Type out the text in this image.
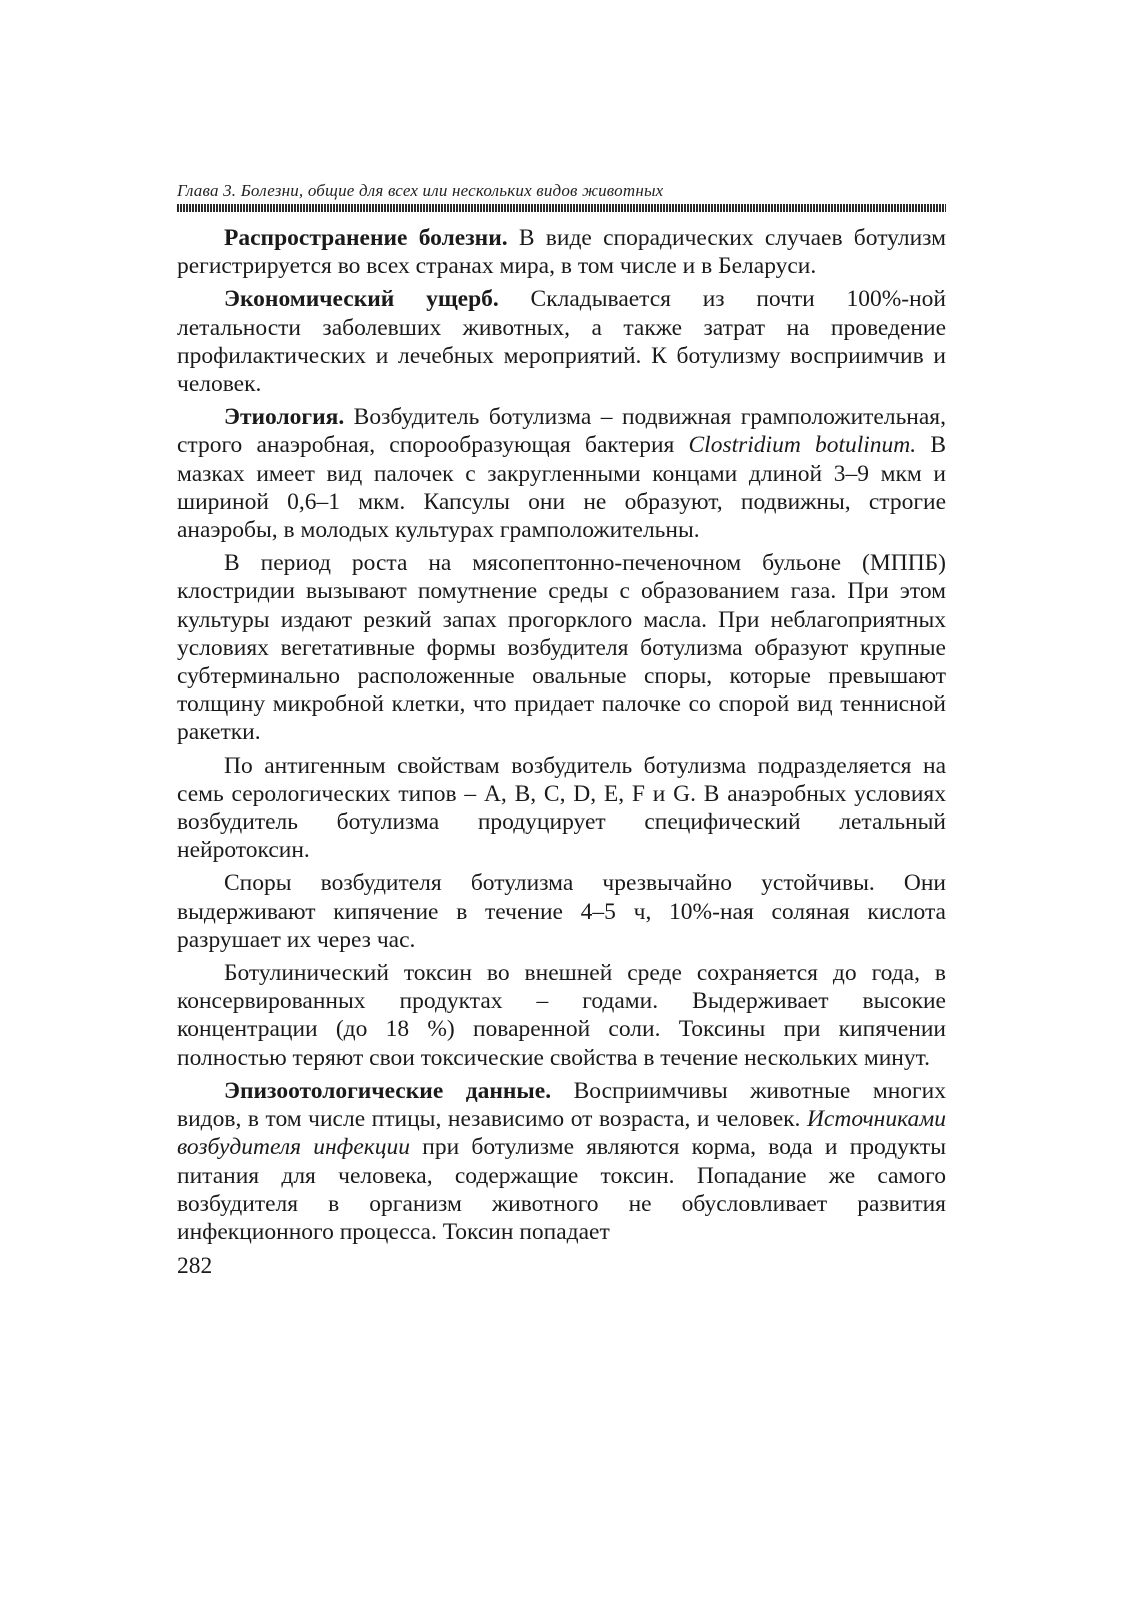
Глава 3. Болезни, общие для всех или нескольких видов животных

Распространение болезни. В виде спорадических случаев ботулизм регистрируется во всех странах мира, в том числе и в Беларуси.

Экономический ущерб. Складывается из почти 100%-ной летальности заболевших животных, а также затрат на проведение профилактических и лечебных мероприятий. К ботулизму восприимчив и человек.

Этиология. Возбудитель ботулизма – подвижная грамположительная, строго анаэробная, спорообразующая бактерия Clostridium botulinum. В мазках имеет вид палочек с закругленными концами длиной 3–9 мкм и шириной 0,6–1 мкм. Капсулы они не образуют, подвижны, строгие анаэробы, в молодых культурах грамположительны.

В период роста на мясопептонно-печеночном бульоне (МППБ) клостридии вызывают помутнение среды с образованием газа. При этом культуры издают резкий запах прогорклого масла. При неблагоприятных условиях вегетативные формы возбудителя ботулизма образуют крупные субтерминально расположенные овальные споры, которые превышают толщину микробной клетки, что придает палочке со спорой вид теннисной ракетки.

По антигенным свойствам возбудитель ботулизма подразделяется на семь серологических типов – A, B, C, D, E, F и G. В анаэробных условиях возбудитель ботулизма продуцирует специфический летальный нейротоксин.

Споры возбудителя ботулизма чрезвычайно устойчивы. Они выдерживают кипячение в течение 4–5 ч, 10%-ная соляная кислота разрушает их через час.

Ботулинический токсин во внешней среде сохраняется до года, в консервированных продуктах – годами. Выдерживает высокие концентрации (до 18 %) поваренной соли. Токсины при кипячении полностью теряют свои токсические свойства в течение нескольких минут.

Эпизоотологические данные. Восприимчивы животные многих видов, в том числе птицы, независимо от возраста, и человек. Источниками возбудителя инфекции при ботулизме являются корма, вода и продукты питания для человека, содержащие токсин. Попадание же самого возбудителя в организм животного не обусловливает развития инфекционного процесса. Токсин попадает

282
